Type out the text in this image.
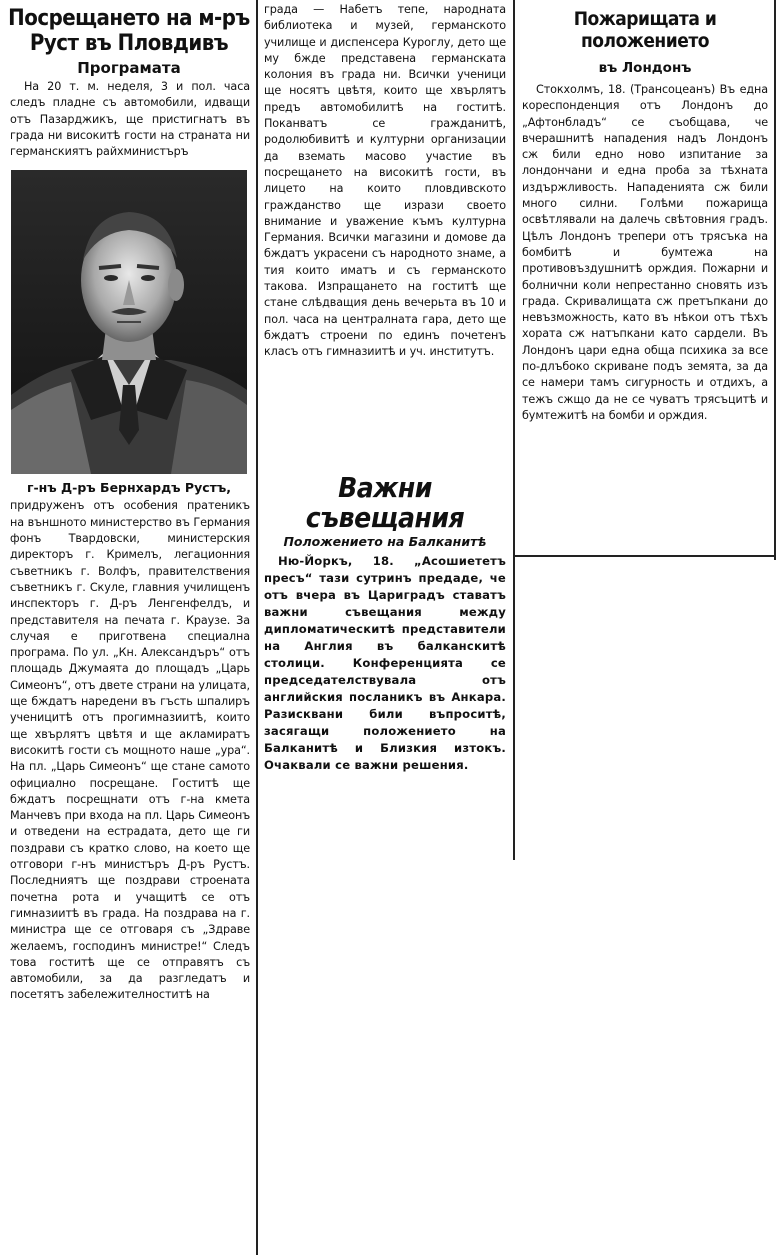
Посрещането на м-ръ Руст въ Пловдивъ

Програмата

На 20 т. м. неделя, 3 и пол. часа следъ пладне съ автомобили, идващи отъ Пазарджикъ, ще пристигнатъ въ града ни високитѣ гости на страната ни германскиятъ райхминистъръ

г-нъ Д-ръ Бернхардъ Рустъ,

придруженъ отъ особения пратеникъ на външното министерство въ Германия фонъ Твардовски, министерския директоръ г. Кримелъ, легационния съветникъ г. Волфъ, правителствения съветникъ г. Скуле, главния училищенъ инспекторъ г. Д-ръ Ленгенфелдъ, и представителя на печата г. Краузе. За случая е приготвена специална програма. По ул. „Кн. Александъръ“ отъ площадь Джумаята до площадъ „Царь Симеонъ“, отъ двете страни на улицата, ще бждатъ наредени въ гъсть шпалиръ ученицитѣ отъ прогимназиитѣ, които ще хвърлятъ цвѣтя и ще акламиратъ високитѣ гости съ мощното наше „ура“. На пл. „Царь Симеонъ“ ще стане самото официално посрещане. Гоститѣ ще бждатъ посрещнати отъ г-на кмета Манчевъ при входа на пл. Царь Симеонъ и отведени на естрадата, дето ще ги поздрави съ кратко слово, на което ще отговори г-нъ министъръ Д-ръ Рустъ. Последниятъ ще поздрави строената почетна рота и учащитѣ се отъ гимназиитѣ въ града. На поздрава на г. министра ще се отговаря съ „Здраве желаемъ, господинъ министре!“ Следъ това гоститѣ ще се отправятъ съ автомобили, за да разгледатъ и посетятъ забележителноститѣ на

града — Набетъ тепе, народната библиотека и музей, германското училище и диспенсера Куроглу, дето ще му бжде представена германската колония въ града ни. Всички ученици ще носятъ цвѣтя, които ще хвърлятъ предъ автомобилитѣ на гоститѣ. Поканватъ се гражданитѣ, родолюбивитѣ и културни организации да вземать масово участие въ посрещането на високитѣ гости, въ лицето на които пловдивското гражданство ще изрази своето внимание и уважение къмъ културна Германия. Всички магазини и домове да бждатъ украсени съ народното знаме, а тия които иматъ и съ германското такова. Изпращането на гоститѣ ще стане слѣдващия день вечерьта въ 10 и пол. часа на централната гара, дето ще бждатъ строени по единъ почетенъ класъ отъ гимназиитѣ и уч. институтъ.

Важни съвещания

Положението на Балканитѣ

Ню-Йоркъ, 18. „Асошиететъ пресъ“ тази сутринъ предаде, че отъ вчера въ Цариградъ ставатъ важни съвещания между дипломатическитѣ представители на Англия въ балканскитѣ столици. Конференцията се председателствувала отъ английския посланикъ въ Анкара. Разисквани били въпроситѣ, засягащи положението на Балканитѣ и Близкия изтокъ. Очаквали се важни решения.

Пожарищата и положението

въ Лондонъ

Стокхолмъ, 18. (Трансоцеанъ) Въ една кореспонденция отъ Лондонъ до „Афтонбладъ“ се съобщава, че вчерашнитѣ нападения надъ Лондонъ сж били едно ново изпитание за лондончани и една проба за тѣхната издържливость. Нападенията сж били много силни. Голѣми пожарища освѣтлявали на далечь свѣтовния градъ. Цѣлъ Лондонъ трепери отъ трясъка на бомбитѣ и бумтежа на противовъздушнитѣ орждия. Пожарни и болнични коли непрестанно сновять изъ града. Скривалищата сж претъпкани до невъзможность, като въ нѣкои отъ тѣхъ хората сж натъпкани като сардели. Въ Лондонъ цари една обща психика за все по-длъбоко скриване подъ земята, за да се намери тамъ сигурность и отдихъ, а тежъ сжщо да не се чуватъ трясъцитѣ и бумтежитѣ на бомби и орждия.
